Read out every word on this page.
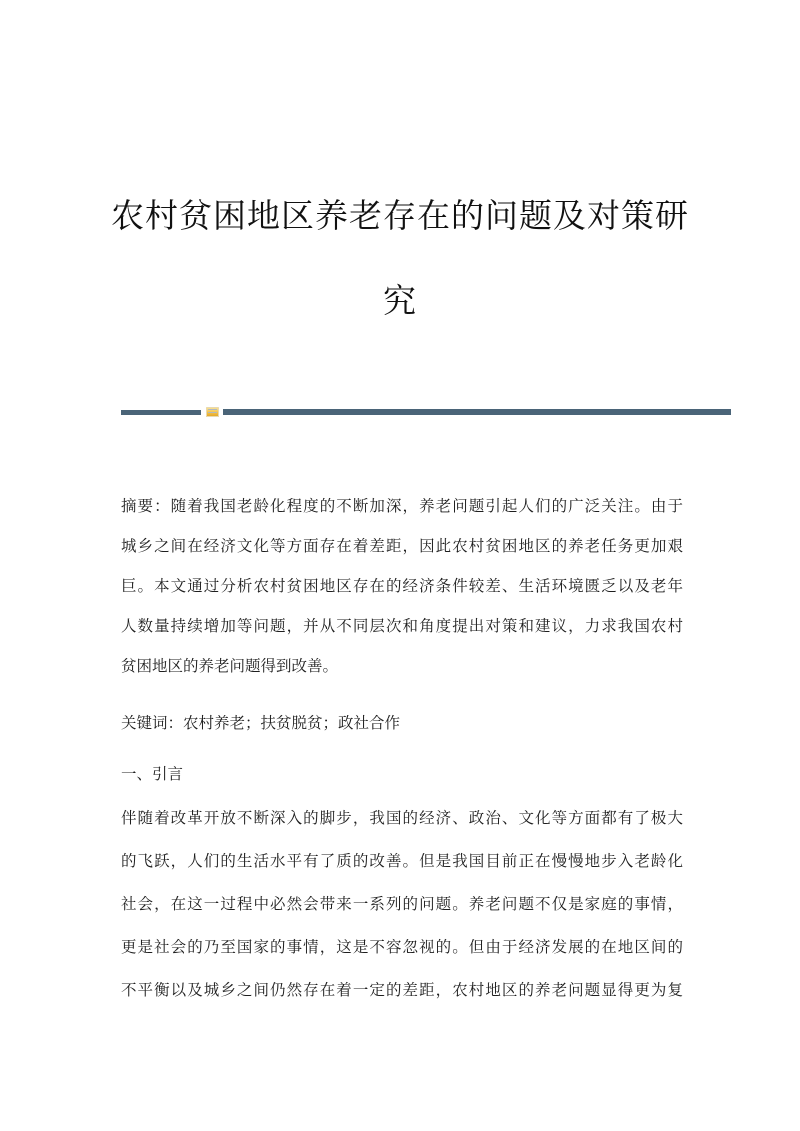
农村贫困地区养老存在的问题及对策研
究
摘要：随着我国老龄化程度的不断加深，养老问题引起人们的广泛关注。由于
城乡之间在经济文化等方面存在着差距，因此农村贫困地区的养老任务更加艰
巨。本文通过分析农村贫困地区存在的经济条件较差、生活环境匮乏以及老年
人数量持续增加等问题，并从不同层次和角度提出对策和建议，力求我国农村
贫困地区的养老问题得到改善。
关键词：农村养老；扶贫脱贫；政社合作
一、引言
伴随着改革开放不断深入的脚步，我国的经济、政治、文化等方面都有了极大
的飞跃，人们的生活水平有了质的改善。但是我国目前正在慢慢地步入老龄化
社会，在这一过程中必然会带来一系列的问题。养老问题不仅是家庭的事情，
更是社会的乃至国家的事情，这是不容忽视的。但由于经济发展的在地区间的
不平衡以及城乡之间仍然存在着一定的差距，农村地区的养老问题显得更为复
